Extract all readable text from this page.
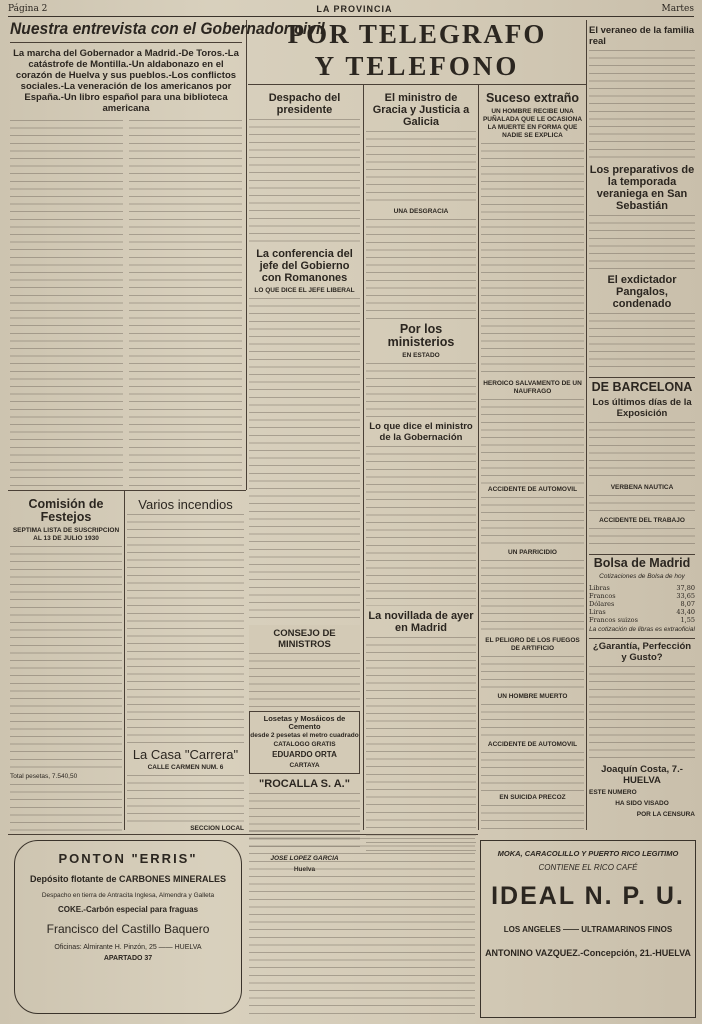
Página 2	LA PROVINCIA	Martes
Nuestra entrevista con el Gobernador civil

La marcha del Gobernador a Madrid.-De Toros.-La catástrofe de Montilla.-Un aldabonazo en el corazón de Huelva y sus pueblos.-Los conflictos sociales.-La veneración de los americanos por España.-Un libro español para una biblioteca americana

POR TELEGRAFO
Y TELEFONO
Despacho del presidente
La conferencia del jefe del Gobierno con Romanones
LO QUE DICE EL JEFE LIBERAL
El ministro de Gracia y Justicia a Galicia
UNA DESGRACIA
Por los ministerios
EN ESTADO
Lo que dice el ministro de la Gobernación
La novillada de ayer en Madrid
Suceso extraño
UN HOMBRE RECIBE UNA PUÑALADA QUE LE OCASIONA LA MUERTE EN FORMA QUE NADIE SE EXPLICA
HEROICO SALVAMENTO DE UN NAUFRAGO
ACCIDENTE DE AUTOMOVIL
UN PARRICIDIO
EL PELIGRO DE LOS FUEGOS DE ARTIFICIO
UN HOMBRE MUERTO
ACCIDENTE DE AUTOMOVIL
EN SUICIDA PRECOZ
El veraneo de la familia real
Los preparativos de la temporada veraniega en San Sebastián
El exdictador Pangalos, condenado
DE BARCELONA
Los últimos días de la Exposición
VERBENA NAUTICA
ACCIDENTE DEL TRABAJO
Bolsa de Madrid
Cotizaciones de Bolsa de hoy
Libras	37,80
Francos	33,65
Dólares	8,07
Liras	43,40
Francos suizos	1,55
La cotización de libras es extraoficial
¿Garantía, Perfección y Gusto?
Joaquín Costa, 7.-HUELVA
ESTE NUMERO
HA SIDO VISADO
POR LA CENSURA
Comisión de Festejos
SEPTIMA LISTA DE SUSCRIPCION AL 13 DE JULIO 1930
Total pesetas, 7.540,50
Varios incendios
La Casa "Carrera"
CALLE CARMEN NUM. 6
SECCION LOCAL
CONSEJO DE MINISTROS
Losetas y Mosáicos de Cemento
desde 2 pesetas el metro cuadrado
CATALOGO GRATIS
EDUARDO ORTA
CARTAYA
"ROCALLA S. A."
JOSE LOPEZ GARCIA
Huelva
PONTON "ERRIS"
Depósito flotante de CARBONES MINERALES
Despacho en tierra de Antracita Inglesa, Almendra y Galleta
COKE.-Carbón especial para fraguas
Francisco del Castillo Baquero
Oficinas: Almirante H. Pinzón, 25 —— HUELVA
APARTADO 37
MOKA, CARACOLILLO Y PUERTO RICO LEGITIMO
CONTIENE EL RICO CAFÉ
IDEAL N. P. U.
LOS ANGELES —— ULTRAMARINOS FINOS
ANTONINO VAZQUEZ.-Concepción, 21.-HUELVA
